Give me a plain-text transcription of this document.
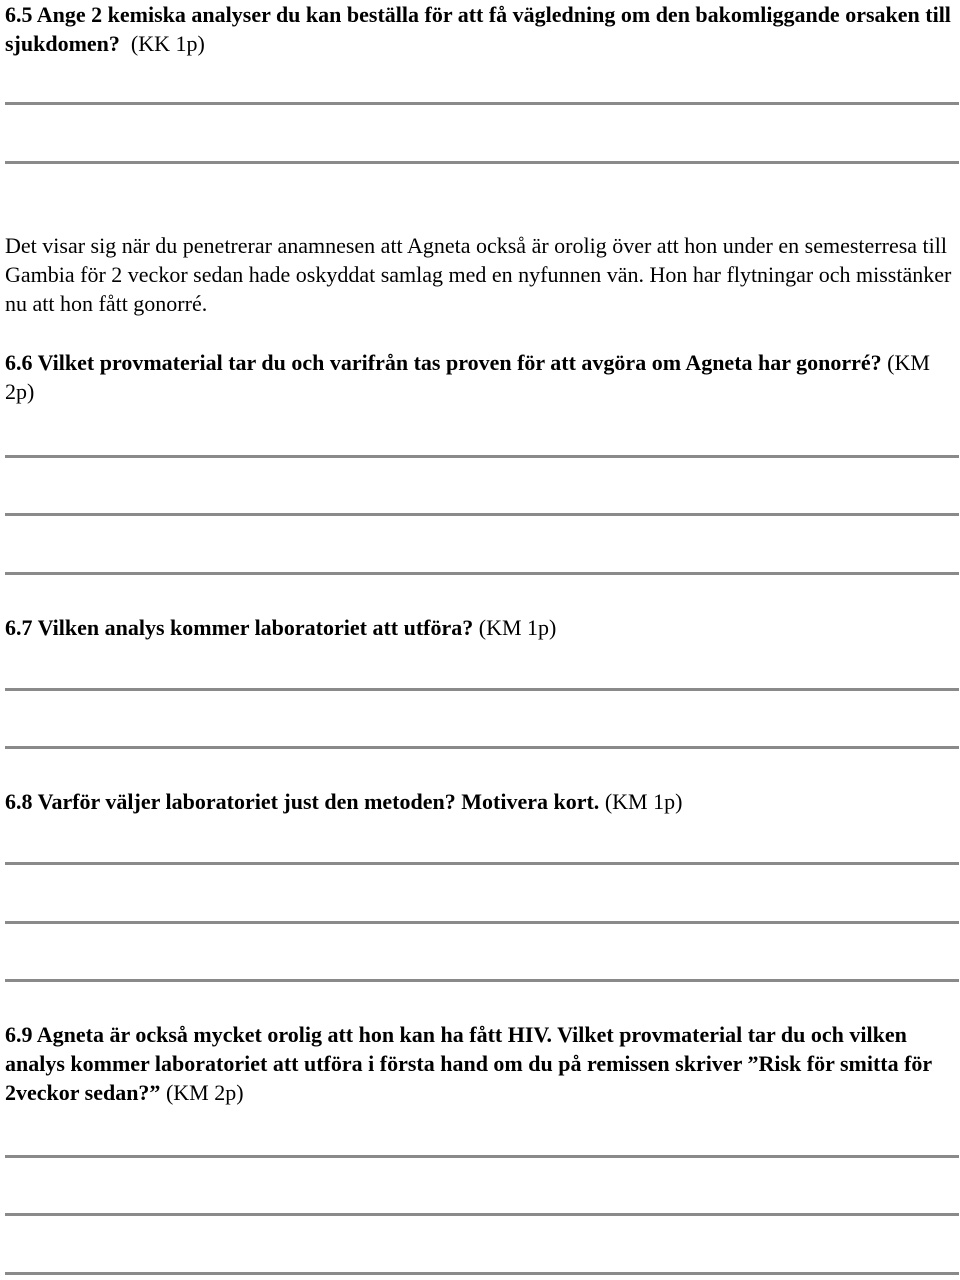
6.5 Ange 2 kemiska analyser du kan beställa för att få vägledning om den bakomliggande orsaken till sjukdomen? (KK 1p)

Det visar sig när du penetrerar anamnesen att Agneta också är orolig över att hon under en semesterresa till Gambia för 2 veckor sedan hade oskyddat samlag med en nyfunnen vän. Hon har flytningar och misstänker nu att hon fått gonorré.

6.6 Vilket provmaterial tar du och varifrån tas proven för att avgöra om Agneta har gonorré? (KM 2p)

6.7 Vilken analys kommer laboratoriet att utföra? (KM 1p)

6.8 Varför väljer laboratoriet just den metoden? Motivera kort. (KM 1p)

6.9 Agneta är också mycket orolig att hon kan ha fått HIV. Vilket provmaterial tar du och vilken analys kommer laboratoriet att utföra i första hand om du på remissen skriver ”Risk för smitta för 2veckor sedan?” (KM 2p)
